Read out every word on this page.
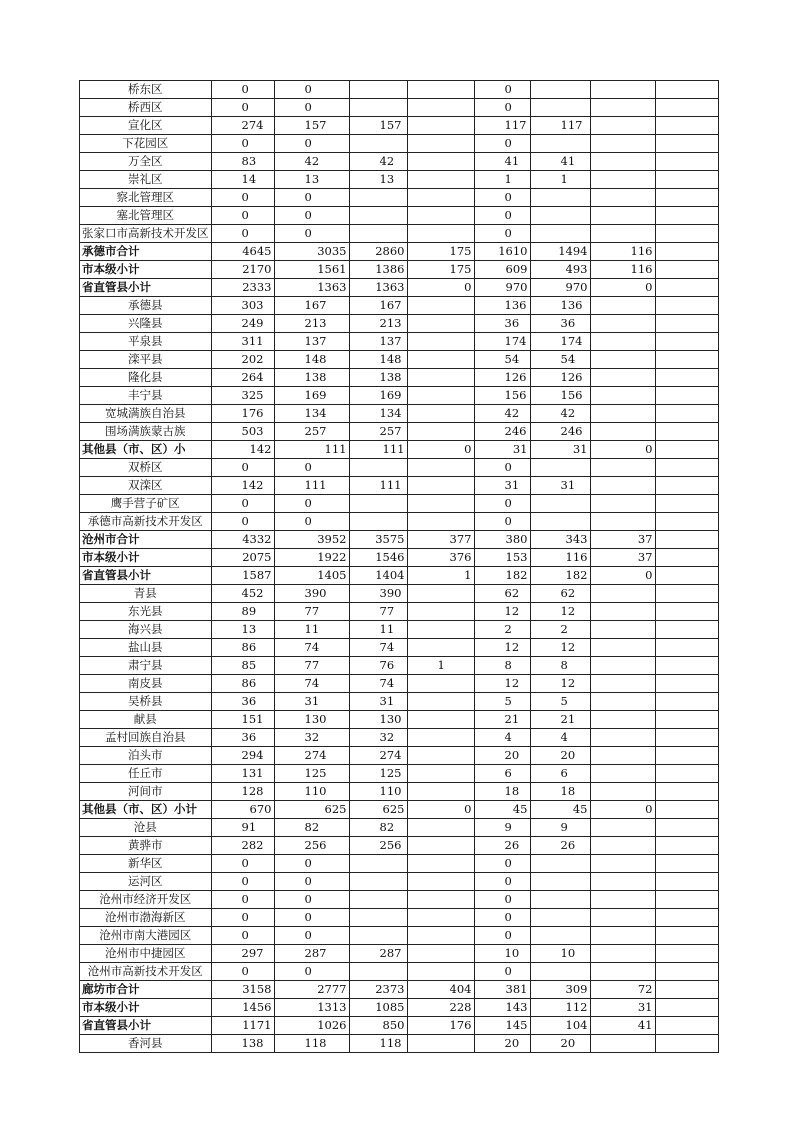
桥东区	0	0			0			
桥西区	0	0			0			
宣化区	274	157	157		117	117		
下花园区	0	0			0			
万全区	83	42	42		41	41		
崇礼区	14	13	13		1	1		
察北管理区	0	0			0			
塞北管理区	0	0			0			
张家口市高新技术开发区	0	0			0			
承德市合计	4645	3035	2860	175	1610	1494	116	
市本级小计	2170	1561	1386	175	609	493	116	
省直管县小计	2333	1363	1363	0	970	970	0	
承德县	303	167	167		136	136		
兴隆县	249	213	213		36	36		
平泉县	311	137	137		174	174		
滦平县	202	148	148		54	54		
隆化县	264	138	138		126	126		
丰宁县	325	169	169		156	156		
宽城满族自治县	176	134	134		42	42		
围场满族蒙古族	503	257	257		246	246		
其他县（市、区）小	142	111	111	0	31	31	0	
双桥区	0	0			0			
双滦区	142	111	111		31	31		
鹰手营子矿区	0	0			0			
承德市高新技术开发区	0	0			0			
沧州市合计	4332	3952	3575	377	380	343	37	
市本级小计	2075	1922	1546	376	153	116	37	
省直管县小计	1587	1405	1404	1	182	182	0	
青县	452	390	390		62	62		
东光县	89	77	77		12	12		
海兴县	13	11	11		2	2		
盐山县	86	74	74		12	12		
肃宁县	85	77	76	1	8	8		
南皮县	86	74	74		12	12		
吴桥县	36	31	31		5	5		
献县	151	130	130		21	21		
孟村回族自治县	36	32	32		4	4		
泊头市	294	274	274		20	20		
任丘市	131	125	125		6	6		
河间市	128	110	110		18	18		
其他县（市、区）小计	670	625	625	0	45	45	0	
沧县	91	82	82		9	9		
黄骅市	282	256	256		26	26		
新华区	0	0			0			
运河区	0	0			0			
沧州市经济开发区	0	0			0			
沧州市渤海新区	0	0			0			
沧州市南大港园区	0	0			0			
沧州市中捷园区	297	287	287		10	10		
沧州市高新技术开发区	0	0			0			
廊坊市合计	3158	2777	2373	404	381	309	72	
市本级小计	1456	1313	1085	228	143	112	31	
省直管县小计	1171	1026	850	176	145	104	41	
香河县	138	118	118		20	20		
